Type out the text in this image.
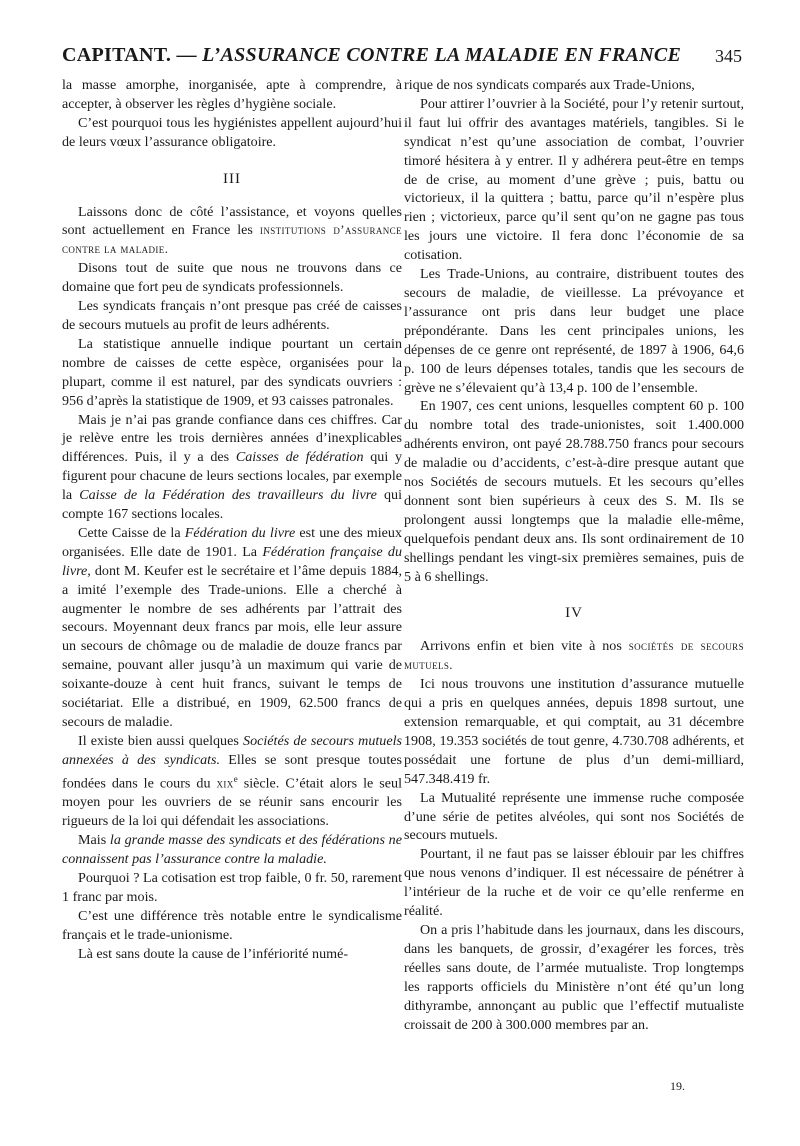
CAPITANT. — L’ASSURANCE CONTRE LA MALADIE EN FRANCE 345

la masse amorphe, inorganisée, apte à comprendre, à accepter, à observer les règles d’hygiène sociale.

C’est pourquoi tous les hygiénistes appellent aujourd’hui de leurs vœux l’assurance obligatoire.

III

Laissons donc de côté l’assistance, et voyons quelles sont actuellement en France les institutions d’assurance contre la maladie.

Disons tout de suite que nous ne trouvons dans ce domaine que fort peu de syndicats professionnels.

Les syndicats français n’ont presque pas créé de caisses de secours mutuels au profit de leurs adhérents.

La statistique annuelle indique pourtant un certain nombre de caisses de cette espèce, organisées pour la plupart, comme il est naturel, par des syndicats ouvriers : 956 d’après la statistique de 1909, et 93 caisses patronales.

Mais je n’ai pas grande confiance dans ces chiffres. Car je relève entre les trois dernières années d’inexplicables différences. Puis, il y a des Caisses de fédération qui y figurent pour chacune de leurs sections locales, par exemple la Caisse de la Fédération des travailleurs du livre qui compte 167 sections locales.

Cette Caisse de la Fédération du livre est une des mieux organisées. Elle date de 1901. La Fédération française du livre, dont M. Keufer est le secrétaire et l’âme depuis 1884, a imité l’exemple des Trade-unions. Elle a cherché à augmenter le nombre de ses adhérents par l’attrait des secours. Moyennant deux francs par mois, elle leur assure un secours de chômage ou de maladie de douze francs par semaine, pouvant aller jusqu’à un maximum qui varie de soixante-douze à cent huit francs, suivant le temps de sociétariat. Elle a distribué, en 1909, 62.500 francs de secours de maladie.

Il existe bien aussi quelques Sociétés de secours mutuels annexées à des syndicats. Elles se sont presque toutes fondées dans le cours du xix$^e$ siècle. C’était alors le seul moyen pour les ouvriers de se réunir sans encourir les rigueurs de la loi qui défendait les associations.

Mais la grande masse des syndicats et des fédérations ne connaissent pas l’assurance contre la maladie.

Pourquoi ? La cotisation est trop faible, 0 fr. 50, rarement 1 franc par mois.

C’est une différence très notable entre le syndicalisme français et le trade-unionisme.

Là est sans doute la cause de l’infériorité numé-

rique de nos syndicats comparés aux Trade-Unions,

Pour attirer l’ouvrier à la Société, pour l’y retenir surtout, il faut lui offrir des avantages matériels, tangibles. Si le syndicat n’est qu’une association de combat, l’ouvrier timoré hésitera à y entrer. Il y adhérera peut-être en temps de de crise, au moment d’une grève ; puis, battu ou victorieux, il la quittera ; battu, parce qu’il n’espère plus rien ; victorieux, parce qu’il sent qu’on ne gagne pas tous les jours une victoire. Il fera donc l’économie de sa cotisation.

Les Trade-Unions, au contraire, distribuent toutes des secours de maladie, de vieillesse. La prévoyance et l’assurance ont pris dans leur budget une place prépondérante. Dans les cent principales unions, les dépenses de ce genre ont représenté, de 1897 à 1906, 64,6 p. 100 de leurs dépenses totales, tandis que les secours de grève ne s’élevaient qu’à 13,4 p. 100 de l’ensemble.

En 1907, ces cent unions, lesquelles comptent 60 p. 100 du nombre total des trade-unionistes, soit 1.400.000 adhérents environ, ont payé 28.788.750 francs pour secours de maladie ou d’accidents, c’est-à-dire presque autant que nos Sociétés de secours mutuels. Et les secours qu’elles donnent sont bien supérieurs à ceux des S. M. Ils se prolongent aussi longtemps que la maladie elle-même, quelquefois pendant deux ans. Ils sont ordinairement de 10 shellings pendant les vingt-six premières semaines, puis de 5 à 6 shellings.

IV

Arrivons enfin et bien vite à nos sociétés de secours mutuels.

Ici nous trouvons une institution d’assurance mutuelle qui a pris en quelques années, depuis 1898 surtout, une extension remarquable, et qui comptait, au 31 décembre 1908, 19.353 sociétés de tout genre, 4.730.708 adhérents, et possédait une fortune de plus d’un demi-milliard, 547.348.419 fr.

La Mutualité représente une immense ruche composée d’une série de petites alvéoles, qui sont nos Sociétés de secours mutuels.

Pourtant, il ne faut pas se laisser éblouir par les chiffres que nous venons d’indiquer. Il est nécessaire de pénétrer à l’intérieur de la ruche et de voir ce qu’elle renferme en réalité.

On a pris l’habitude dans les journaux, dans les discours, dans les banquets, de grossir, d’exagérer les forces, très réelles sans doute, de l’armée mutualiste. Trop longtemps les rapports officiels du Ministère n’ont été qu’un long dithyrambe, annonçant au public que l’effectif mutualiste croissait de 200 à 300.000 membres par an.

19.
